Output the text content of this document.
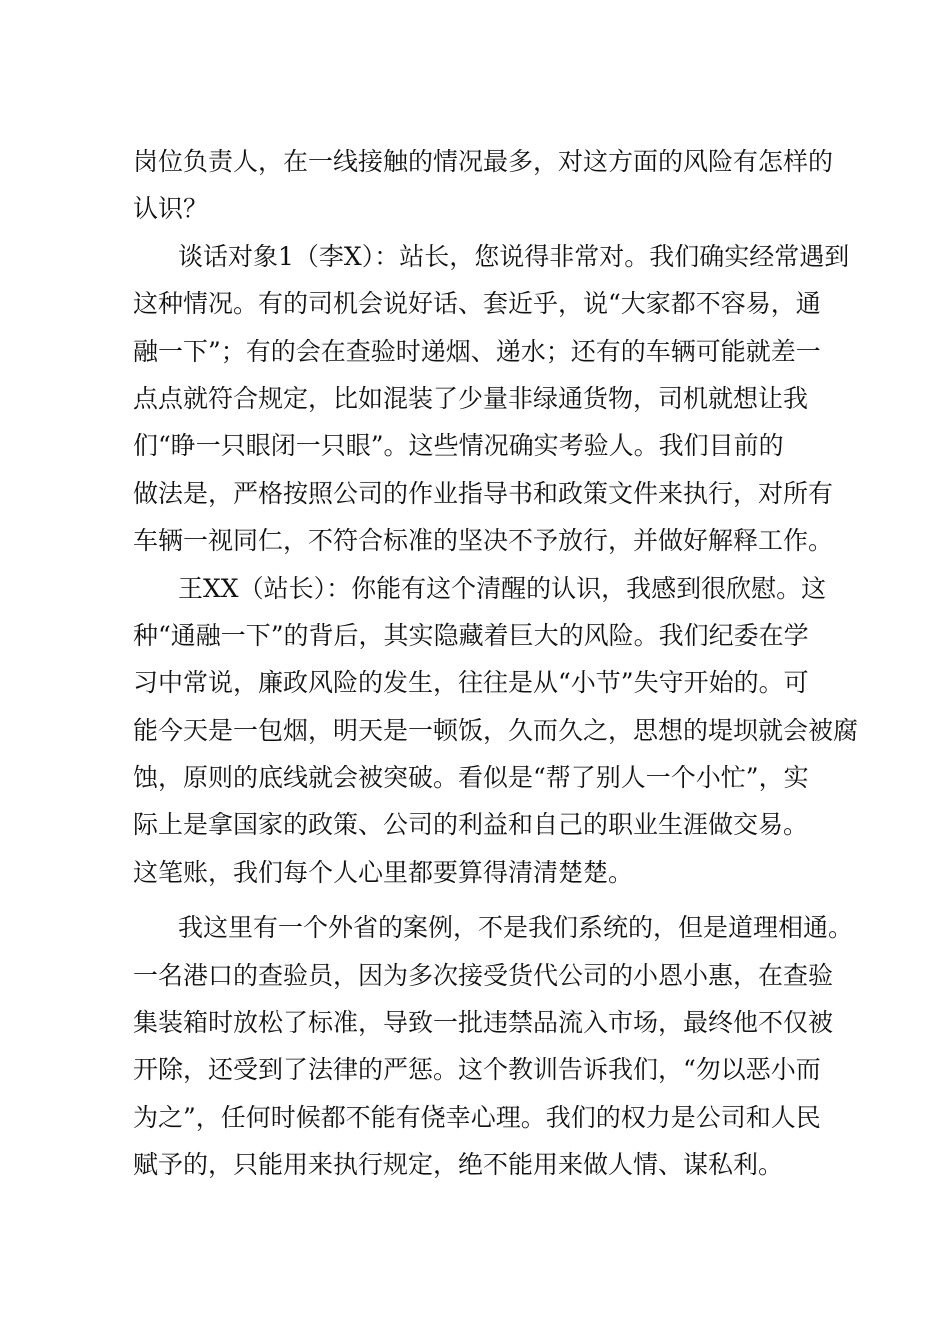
岗位负责人，在一线接触的情况最多，对这方面的风险有怎样的
认识？
谈话对象1（李X）：站长，您说得非常对。我们确实经常遇到
这种情况。有的司机会说好话、套近乎，说“大家都不容易，通
融一下”；有的会在查验时递烟、递水；还有的车辆可能就差一
点点就符合规定，比如混装了少量非绿通货物，司机就想让我
们“睁一只眼闭一只眼”。这些情况确实考验人。我们目前的
做法是，严格按照公司的作业指导书和政策文件来执行，对所有
车辆一视同仁，不符合标准的坚决不予放行，并做好解释工作。
王XX（站长）：你能有这个清醒的认识，我感到很欣慰。这
种“通融一下”的背后，其实隐藏着巨大的风险。我们纪委在学
习中常说，廉政风险的发生，往往是从“小节”失守开始的。可
能今天是一包烟，明天是一顿饭，久而久之，思想的堤坝就会被腐
蚀，原则的底线就会被突破。看似是“帮了别人一个小忙”，实
际上是拿国家的政策、公司的利益和自己的职业生涯做交易。
这笔账，我们每个人心里都要算得清清楚楚。
我这里有一个外省的案例，不是我们系统的，但是道理相通。
一名港口的查验员，因为多次接受货代公司的小恩小惠，在查验
集装箱时放松了标准，导致一批违禁品流入市场，最终他不仅被
开除，还受到了法律的严惩。这个教训告诉我们，“勿以恶小而
为之”，任何时候都不能有侥幸心理。我们的权力是公司和人民
赋予的，只能用来执行规定，绝不能用来做人情、谋私利。
